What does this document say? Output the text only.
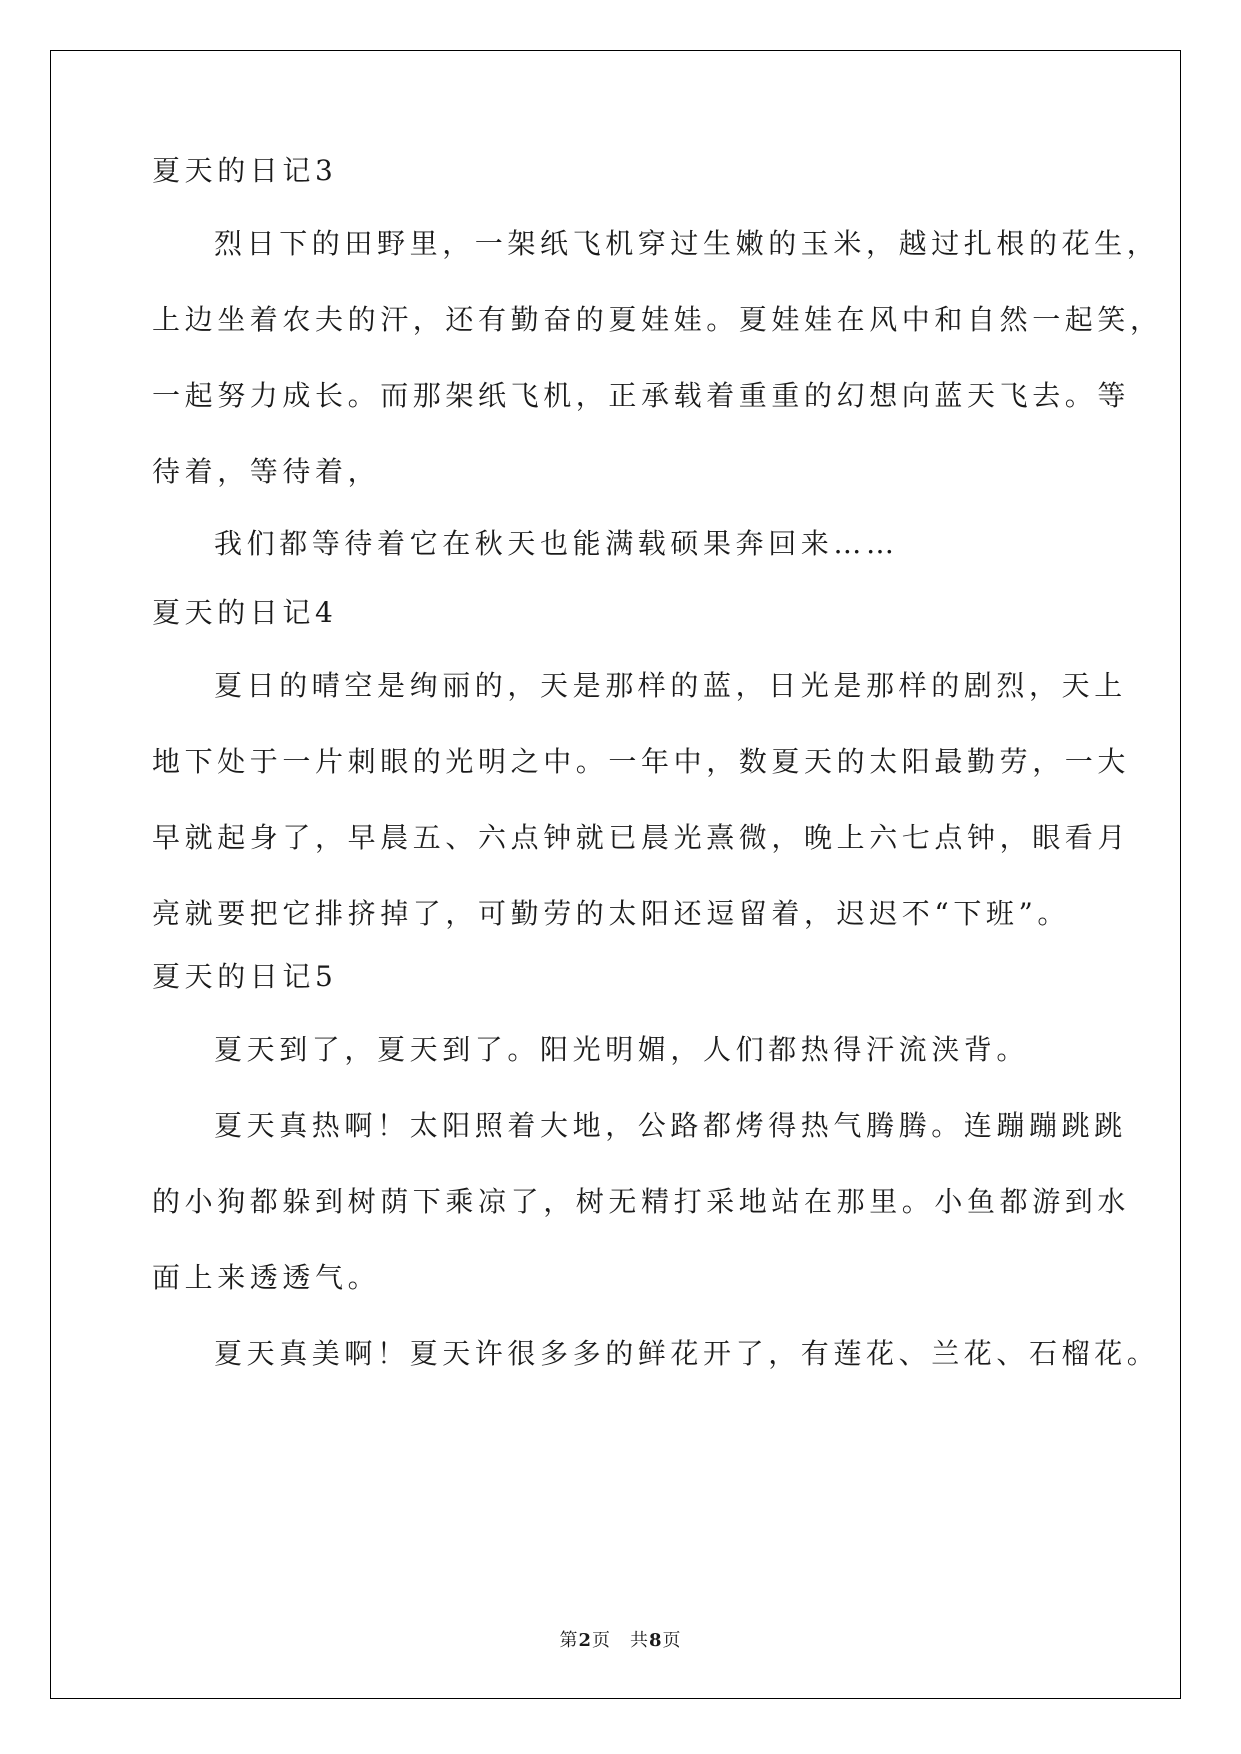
夏天的日记3
烈日下的田野里，一架纸飞机穿过生嫩的玉米，越过扎根的花生，
上边坐着农夫的汗，还有勤奋的夏娃娃。夏娃娃在风中和自然一起笑，
一起努力成长。而那架纸飞机，正承载着重重的幻想向蓝天飞去。等
待着，等待着，
我们都等待着它在秋天也能满载硕果奔回来……
夏天的日记4
夏日的晴空是绚丽的，天是那样的蓝，日光是那样的剧烈，天上
地下处于一片刺眼的光明之中。一年中，数夏天的太阳最勤劳，一大
早就起身了，早晨五、六点钟就已晨光熹微，晚上六七点钟，眼看月
亮就要把它排挤掉了，可勤劳的太阳还逗留着，迟迟不“下班”。
夏天的日记5
夏天到了，夏天到了。阳光明媚，人们都热得汗流浃背。
夏天真热啊！太阳照着大地，公路都烤得热气腾腾。连蹦蹦跳跳
的小狗都躲到树荫下乘凉了，树无精打采地站在那里。小鱼都游到水
面上来透透气。
夏天真美啊！夏天许很多多的鲜花开了，有莲花、兰花、石榴花。
第2页　共8页
